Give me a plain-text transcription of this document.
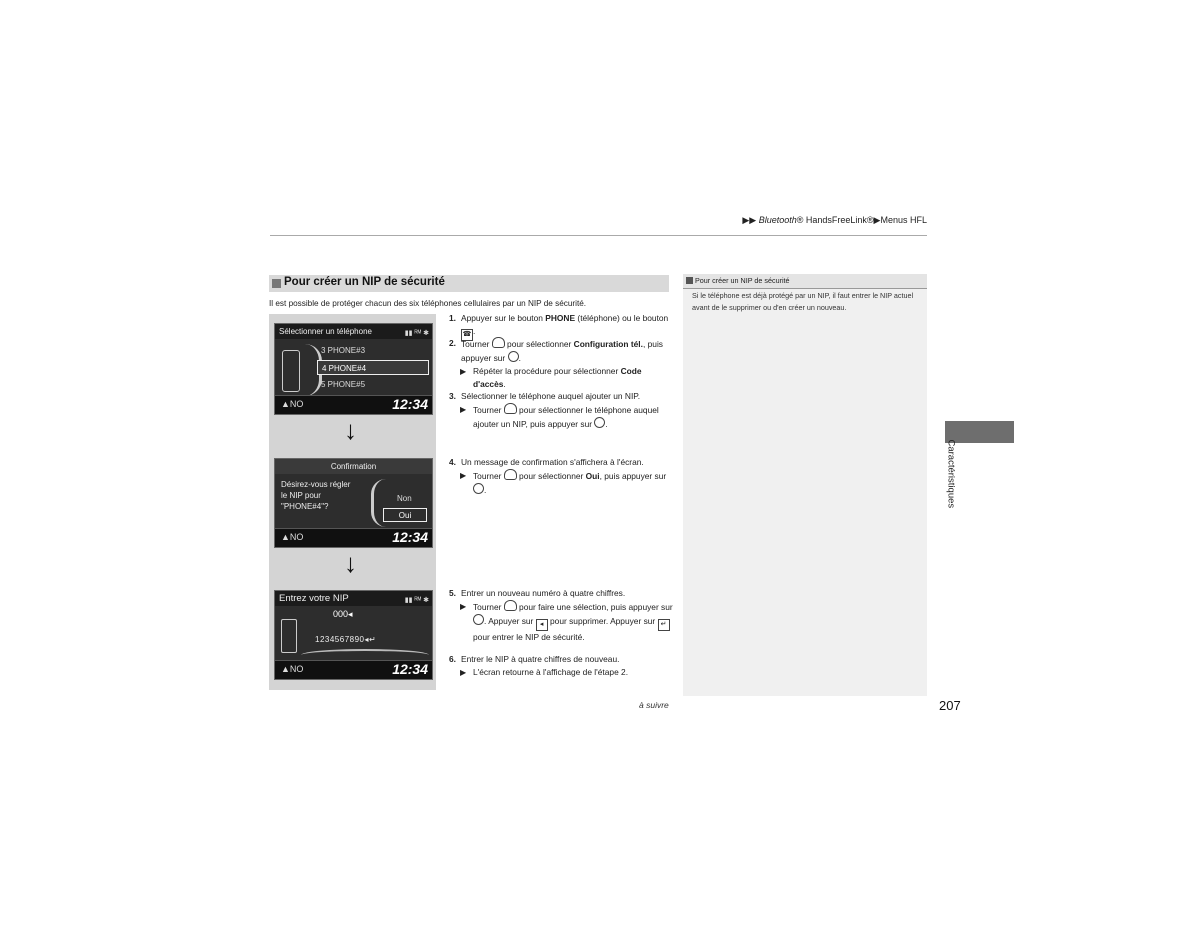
▶▶ Bluetooth® HandsFreeLink®▶Menus HFL
Pour créer un NIP de sécurité
Il est possible de protéger chacun des six téléphones cellulaires par un NIP de sécurité.
Sélectionner un téléphone	▮▮ ᴿᴹ ✱
3 PHONE#3
4 PHONE#4
5 PHONE#5
▲NO	12:34
↓
Confirmation
Désirez-vous régler
le NIP pour
"PHONE#4"?
Non
Oui
▲NO	12:34
↓
Entrez votre NIP	▮▮ ᴿᴹ ✱
000◂
1234567890◂↵
▲NO	12:34
1. Appuyer sur le bouton PHONE (téléphone) ou le bouton ☎ .
2. Tourner  pour sélectionner Configuration tél., puis appuyer sur .
▶ Répéter la procédure pour sélectionner Code d'accès.
3. Sélectionner le téléphone auquel ajouter un NIP.
▶ Tourner  pour sélectionner le téléphone auquel ajouter un NIP, puis appuyer sur .
4. Un message de confirmation s'affichera à l'écran.
▶ Tourner  pour sélectionner Oui, puis appuyer sur .
5. Entrer un nouveau numéro à quatre chiffres.
▶ Tourner  pour faire une sélection, puis appuyer sur . Appuyer sur ◂ pour supprimer. Appuyer sur ↵ pour entrer le NIP de sécurité.
6. Entrer le NIP à quatre chiffres de nouveau.
▶ L'écran retourne à l'affichage de l'étape 2.
Pour créer un NIP de sécurité
Si le téléphone est déjà protégé par un NIP, il faut entrer le NIP actuel avant de le supprimer ou d'en créer un nouveau.
Caractéristiques
à suivre	207
